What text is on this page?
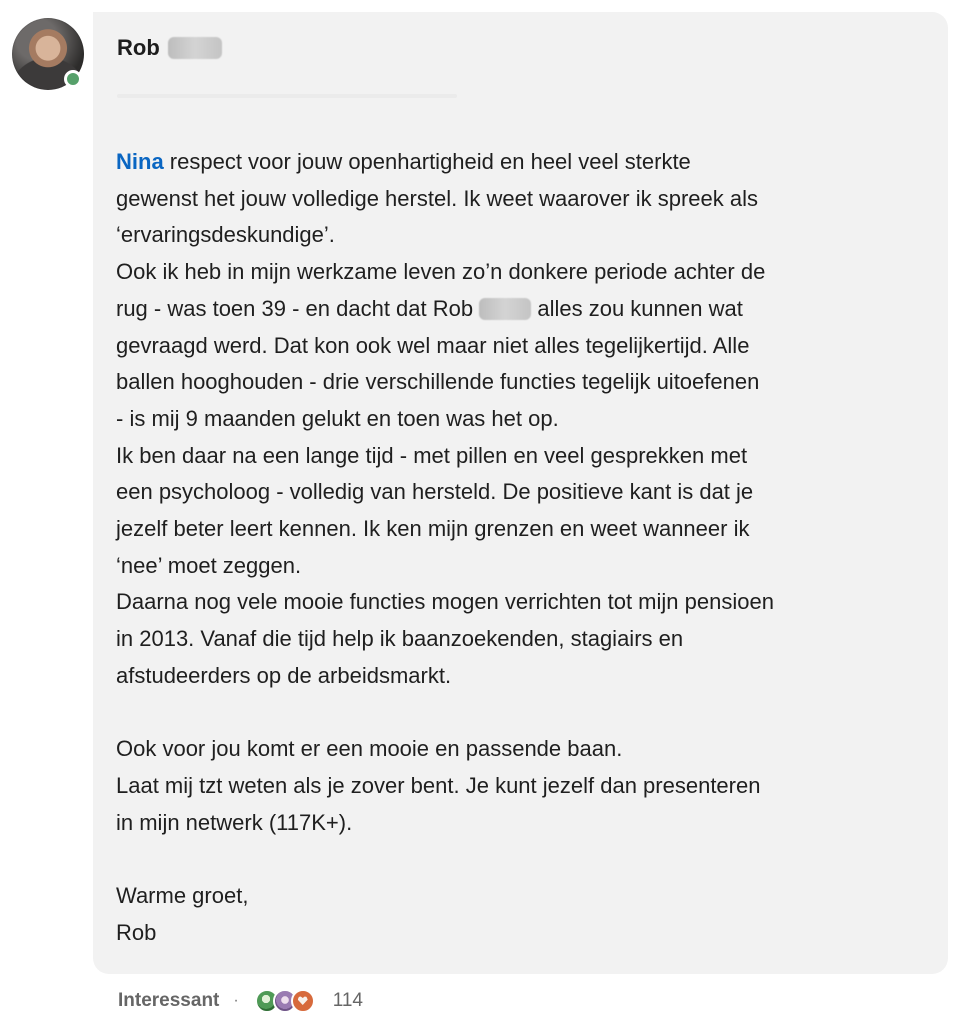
Rob

Nina respect voor jouw openhartigheid en heel veel sterkte

gewenst het jouw volledige herstel. Ik weet waarover ik spreek als

‘ervaringsdeskundige’.

Ook ik heb in mijn werkzame leven zo’n donkere periode achter de

rug - was toen 39 - en dacht dat Rob	alles zou kunnen wat

gevraagd werd. Dat kon ook wel maar niet alles tegelijkertijd. Alle

ballen hooghouden - drie verschillende functies tegelijk uitoefenen

- is mij 9 maanden gelukt en toen was het op.

Ik ben daar na een lange tijd - met pillen en veel gesprekken met

een psycholoog - volledig van hersteld. De positieve kant is dat je

jezelf beter leert kennen. Ik ken mijn grenzen en weet wanneer ik

‘nee’ moet zeggen.

Daarna nog vele mooie functies mogen verrichten tot mijn pensioen

in 2013. Vanaf die tijd help ik baanzoekenden, stagiairs en

afstudeerders op de arbeidsmarkt.

Ook voor jou komt er een mooie en passende baan.

Laat mij tzt weten als je zover bent. Je kunt jezelf dan presenteren

in mijn netwerk (117K+).

Warme groet,

Rob

Interessant ·	114
